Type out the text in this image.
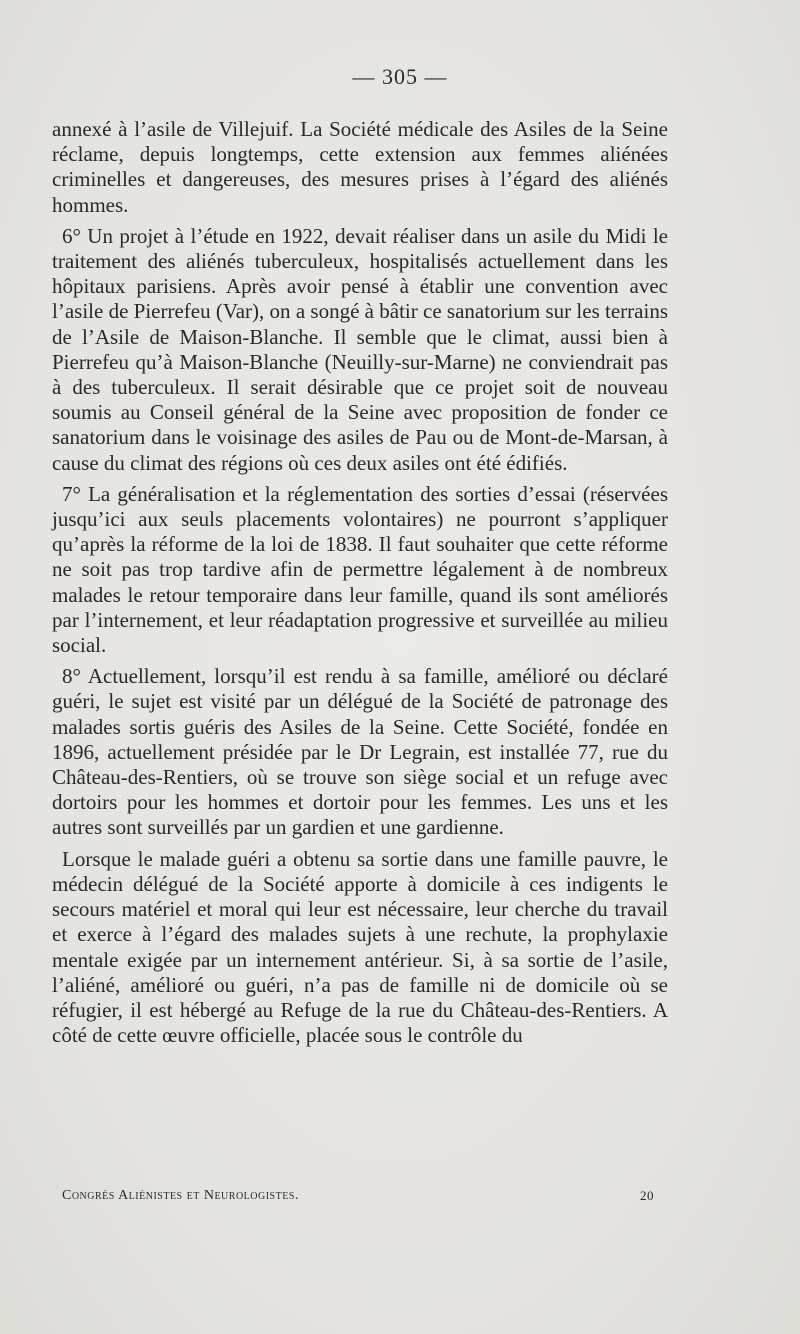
— 305 —

annexé à l’asile de Villejuif. La Société médicale des Asiles de la Seine réclame, depuis longtemps, cette extension aux femmes aliénées criminelles et dangereuses, des mesures prises à l’égard des aliénés hommes.

6° Un projet à l’étude en 1922, devait réaliser dans un asile du Midi le traitement des aliénés tuberculeux, hospitalisés actuellement dans les hôpitaux parisiens. Après avoir pensé à établir une convention avec l’asile de Pierrefeu (Var), on a songé à bâtir ce sanatorium sur les terrains de l’Asile de Maison-Blanche. Il semble que le climat, aussi bien à Pierrefeu qu’à Maison-Blanche (Neuilly-sur-Marne) ne conviendrait pas à des tuberculeux. Il serait désirable que ce projet soit de nouveau soumis au Conseil général de la Seine avec proposition de fonder ce sanatorium dans le voisinage des asiles de Pau ou de Mont-de-Marsan, à cause du climat des régions où ces deux asiles ont été édifiés.

7° La généralisation et la réglementation des sorties d’essai (réservées jusqu’ici aux seuls placements volontaires) ne pourront s’appliquer qu’après la réforme de la loi de 1838. Il faut souhaiter que cette réforme ne soit pas trop tardive afin de permettre légalement à de nombreux malades le retour temporaire dans leur famille, quand ils sont améliorés par l’internement, et leur réadaptation progressive et surveillée au milieu social.

8° Actuellement, lorsqu’il est rendu à sa famille, amélioré ou déclaré guéri, le sujet est visité par un délégué de la Société de patronage des malades sortis guéris des Asiles de la Seine. Cette Société, fondée en 1896, actuellement présidée par le Dr Legrain, est installée 77, rue du Château-des-Rentiers, où se trouve son siège social et un refuge avec dortoirs pour les hommes et dortoir pour les femmes. Les uns et les autres sont surveillés par un gardien et une gardienne.

Lorsque le malade guéri a obtenu sa sortie dans une famille pauvre, le médecin délégué de la Société apporte à domicile à ces indigents le secours matériel et moral qui leur est nécessaire, leur cherche du travail et exerce à l’égard des malades sujets à une rechute, la prophylaxie mentale exigée par un internement antérieur. Si, à sa sortie de l’asile, l’aliéné, amélioré ou guéri, n’a pas de famille ni de domicile où se réfugier, il est hébergé au Refuge de la rue du Château-des-Rentiers. A côté de cette œuvre officielle, placée sous le contrôle du

Congrès Aliénistes et Neurologistes.	20
